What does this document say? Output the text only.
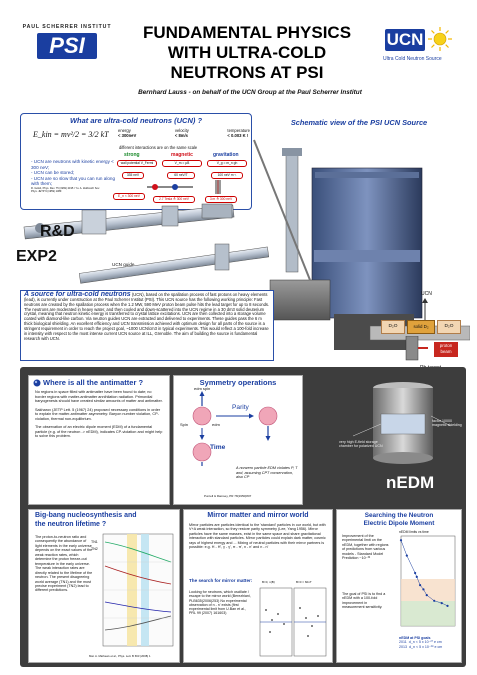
PAUL SCHERRER INSTITUT
PSI
FUNDAMENTAL PHYSICS
WITH ULTRA-COLD
NEUTRONS AT PSI
UCN
Ultra Cold Neutron Source
Bernhard Lauss - on behalf of the UCN Group at the Paul Scherrer Institut
What are ultra-cold neutrons (UCN) ?
E_kin = mv²/2 = 3/2 kT energy
< 300neV
velocity
< 8m/s
temperature
< 0.003 K !
different interactions are on the same scale
strong	magnetic	gravitation
wall potential V_Fermi	V_m = μB	V_g = m_n gh
335 neV	60 neV/T	100 neV m⁻¹
- UCN are neutrons with kinetic energy < 300 neV;
- UCN can be stored;
- UCN are so slow that you can run along with them;
R. Golub, Phys. Rev. 75 (1969) 2195 / Yu. A. Zeldovich Sov. Phys. JETP 9 (1959) 1389
E_n < 300 neV
2.7 Tesla ≙ 300 neV	3 m ≙ 300 neV
R&D
EXP2	UCN guide
Schematic view of the PSI UCN Source
DLC coated storage volume
UCN
D₂O	solid D₂	D₂O
proton beam
A source for ultra-cold neutrons (UCN), based on the spallation process of fast protons on heavy elements (lead), is currently under construction at the Paul Scherrer Institut (PSI). This UCN source has the following working principle: Fast neutrons are created by the spallation process when the 1.2 MW, 590 MeV proton beam pulse hits the lead target for up to 8 seconds. The neutrons are moderated in heavy water, and then cooled and down-scattered into the UCN regime in a 30 dm3 solid deuterium crystal, meaning that neutron kinetic energy is transferred to crystal lattice excitations. UCN are then collected into a storage volume coated with diamond-like carbon. Via neutron guides UCN are extracted and delivered to experiments. These guides pass the 6 m thick biological shielding. An excellent efficiency and UCN transmission achieved with optimum design for all parts of the source is a stringent requirement in order to reach the project goal, ~1000 UCN/cm3 in typical experiments. This would reflect a 100-fold increase in intensity with respect to the most intense current UCN source at ILL, Grenoble. The aim of building the source is fundamental research with UCN.
Where is all the antimatter ?

No regions in space filled with antimatter have been found to date; no border regions with matter-antimatter annihilation radiation. Primordial baryogenesis should have created similar amounts of matter and antimatter.

Sakharov (JETP Lett. 5 (1967) 24) proposed necessary conditions in order to explain the matter-antimatter asymmetry: Baryon number violation, CP-violation, thermal non-equilibrium.

The observation of an electric dipole moment (EDM) of a fundamental particle (e.g. of the neutron -> nEDM), indicates CP-violation and might help to solve this problem.

Symmetry operations
edm spin
Spin	edm
Parity
Time
A nonzero particle EDM violates P, T and, assuming CPT conservation, also CP
Purcell & Ramsey, PR 78(1950)807
very high E-field storage chamber for polarized UCN
factor 10000 magnetic shielding
nEDM
Big-bang nucleosynthesis and
the neutron lifetime ?
The proton-to-neutron ratio and consequently the abundance of light elements in the early universe depends on the exact values of the weak reaction rates, which determine the proton freeze-out temperature in the early universe. The weak interaction rates are directly related to the lifetime of the neutron. The present disagreeing world average (TN1) and the most precise experiment (TN2) lead to different predictions.
TN1
TN2
Mat. A. Mathews et al., Phys. Lett. B 663 (2008) 1
Mirror matter and mirror world
Mirror particles are particles identical to the 'standard' particles in our world, but with V+A weak interaction, so they restore parity symmetry (Lee, Yang 1956). Mirror particles have the same masses, exist in the same space and share gravitational interaction with standard particles. Mirror particles could explain dark matter, cosmic rays of highest energy and ... Mixing of neutral particles with their mirror partners is possible: e.g. H - H', γ - γ', π - π', n - n' and n - n'
The search for mirror matter:
Looking for neutrons, which oscillate / escape to the mirror world (Berezhiani, PLB635(2006)253) No experimental observation of n - n' exists (first experimental limit from U.Ban et al., PRL 99 (2007) 161603)
B=0, n(B)	B=0 = 60nT
Searching the Neutron
Electric Dipole Moment
Improvement of the experimental limit on the nEDM, together with regions of predictions from various models - Standard Model Prediction ~10⁻³²
The goal of PSI is to find a nEDM with a 100-fold improvement in measurement sensitivity.
nEDM limits vs time
nEDM at PSI goals
2011 d_n < 5 x 10⁻²⁷ e cm
2013 d_n < 5 x 10⁻²⁸ e cm
